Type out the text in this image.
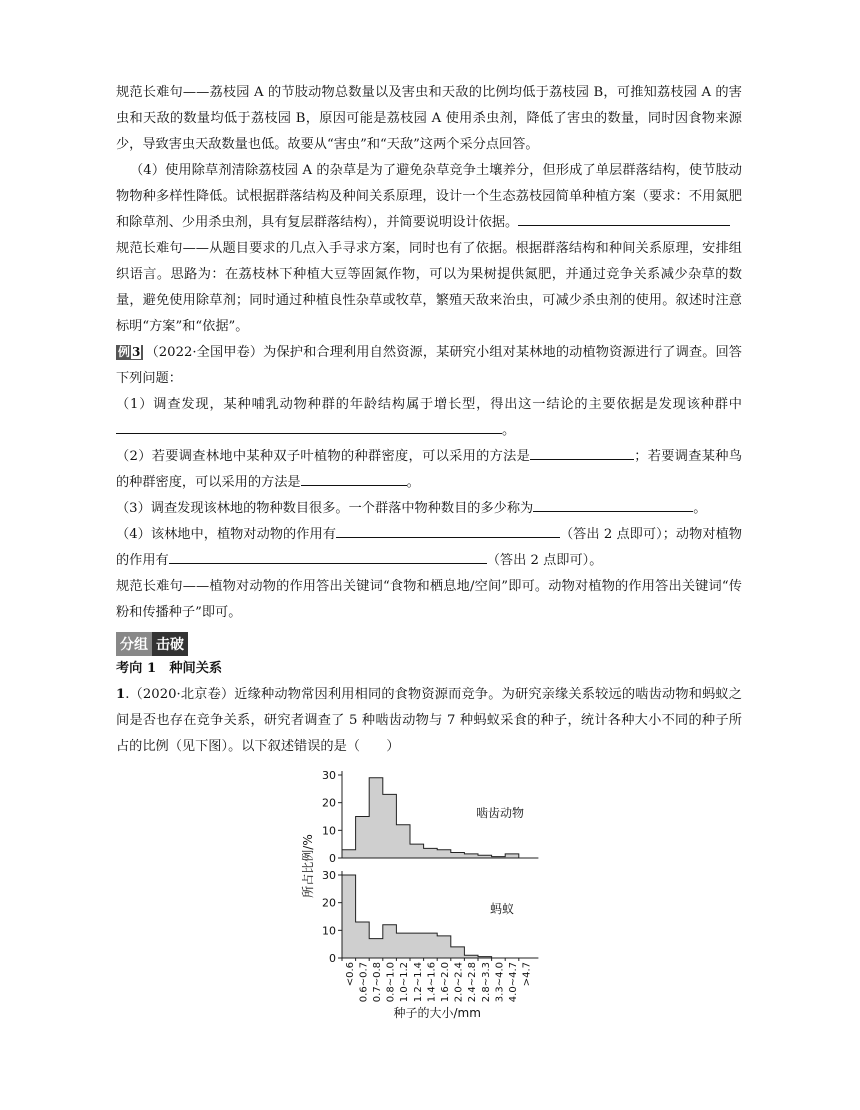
规范长难句——荔枝园 A 的节肢动物总数量以及害虫和天敌的比例均低于荔枝园 B，可推知荔枝园 A 的害虫和天敌的数量均低于荔枝园 B，原因可能是荔枝园 A 使用杀虫剂，降低了害虫的数量，同时因食物来源少，导致害虫天敌数量也低。故要从“害虫”和“天敌”这两个采分点回答。

（4）使用除草剂清除荔枝园 A 的杂草是为了避免杂草竞争土壤养分，但形成了单层群落结构，使节肢动物物种多样性降低。试根据群落结构及种间关系原理，设计一个生态荔枝园简单种植方案（要求：不用氮肥和除草剂、少用杀虫剂，具有复层群落结构），并简要说明设计依据。

规范长难句——从题目要求的几点入手寻求方案，同时也有了依据。根据群落结构和种间关系原理，安排组织语言。思路为：在荔枝林下种植大豆等固氮作物，可以为果树提供氮肥，并通过竞争关系减少杂草的数量，避免使用除草剂；同时通过种植良性杂草或牧草，繁殖天敌来治虫，可减少杀虫剂的使用。叙述时注意标明“方案”和“依据”。

例 3 （2022·全国甲卷）为保护和合理利用自然资源，某研究小组对某林地的动植物资源进行了调查。回答下列问题：

（1）调查发现，某种哺乳动物种群的年龄结构属于增长型，得出这一结论的主要依据是发现该种群中。

（2）若要调查林地中某种双子叶植物的种群密度，可以采用的方法是	；若要调查某种鸟的种群密度，可以采用的方法是	。

（3）调查发现该林地的物种数目很多。一个群落中物种数目的多少称为	。

（4）该林地中，植物对动物的作用有	（答出 2 点即可）；动物对植物的作用有	（答出 2 点即可）。

规范长难句——植物对动物的作用答出关键词“食物和栖息地/空间”即可。动物对植物的作用答出关键词“传粉和传播种子”即可。

分组 击破

考向 1　种间关系

1.（2020·北京卷）近缘种动物常因利用相同的食物资源而竞争。为研究亲缘关系较远的啮齿动物和蚂蚁之间是否也存在竞争关系，研究者调查了 5 种啮齿动物与 7 种蚂蚁采食的种子，统计各种大小不同的种子所占的比例（见下图）。以下叙述错误的是（　　）

0
10
20
30
啮齿动物
0
10
20
30
蚂蚁
<0.6 0.6~0.7 0.7~0.8 0.8~1.0 1.0~1.2 1.2~1.4 1.4~1.6 1.6~2.0 2.0~2.4 2.4~2.8 2.8~3.3 3.3~4.0 4.0~4.7 >4.7
所占比例/%
种子的大小/mm
